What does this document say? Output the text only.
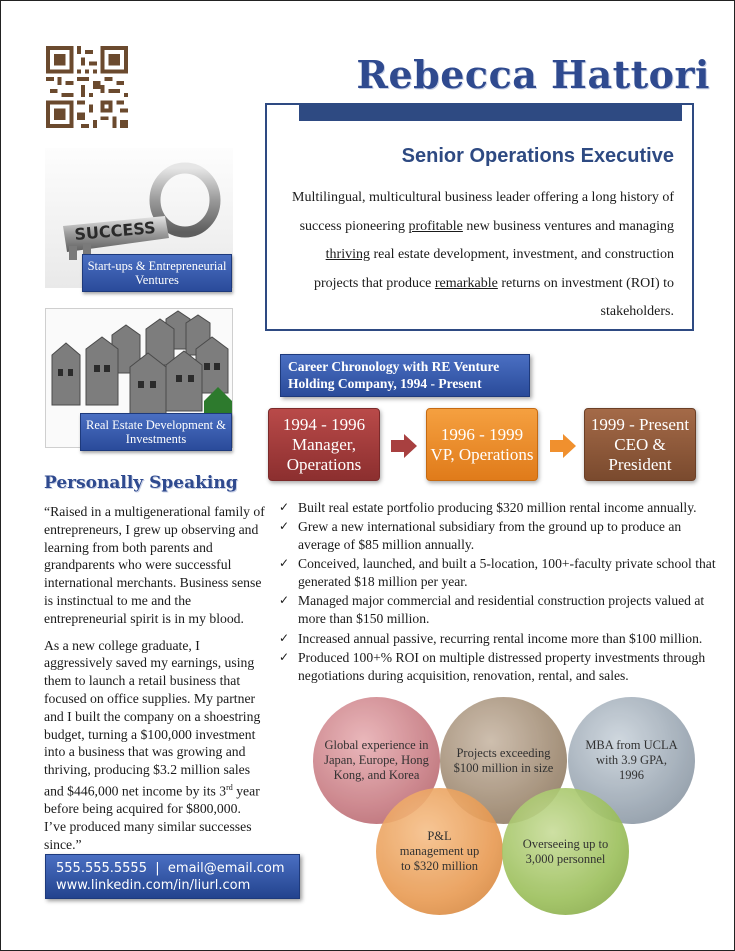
Rebecca Hattori
Senior Operations Executive
Multilingual, multicultural business leader offering a long history of success pioneering profitable new business ventures and managing thriving real estate development, investment, and construction projects that produce remarkable returns on investment (ROI) to stakeholders.
SUCCESS
Start-ups & Entrepreneurial Ventures
Real Estate Development & Investments
Personally Speaking

“Raised in a multigenerational family of entrepreneurs, I grew up observing and learning from both parents and grandparents who were successful international merchants. Business sense is instinctual to me and the entrepreneurial spirit is in my blood.

As a new college graduate, I aggressively saved my earnings, using them to launch a retail business that focused on office supplies. My partner and I built the company on a shoestring budget, turning a $100,000 investment into a business that was growing and thriving, producing $3.2 million sales and $446,000 net income by its 3rd year before being acquired for $800,000. I’ve produced many similar successes since.”

555.555.5555 | email@email.com
www.linkedin.com/in/liurl.com
Career Chronology with RE Venture Holding Company, 1994 - Present
1994 - 1996
Manager, Operations
1996 - 1999
VP, Operations
1999 - Present
CEO & President
✓ Built real estate portfolio producing $320 million rental income annually.
✓ Grew a new international subsidiary from the ground up to produce an average of $85 million annually.
✓ Conceived, launched, and built a 5-location, 100+-faculty private school that generated $18 million per year.
✓ Managed major commercial and residential construction projects valued at more than $150 million.
✓ Increased annual passive, recurring rental income more than $100 million.
✓ Produced 100+% ROI on multiple distressed property investments through negotiations during acquisition, renovation, rental, and sales.
Global experience in Japan, Europe, Hong Kong, and Korea
Projects exceeding $100 million in size
MBA from UCLA with 3.9 GPA, 1996
P&L management up to $320 million
Overseeing up to 3,000 personnel
